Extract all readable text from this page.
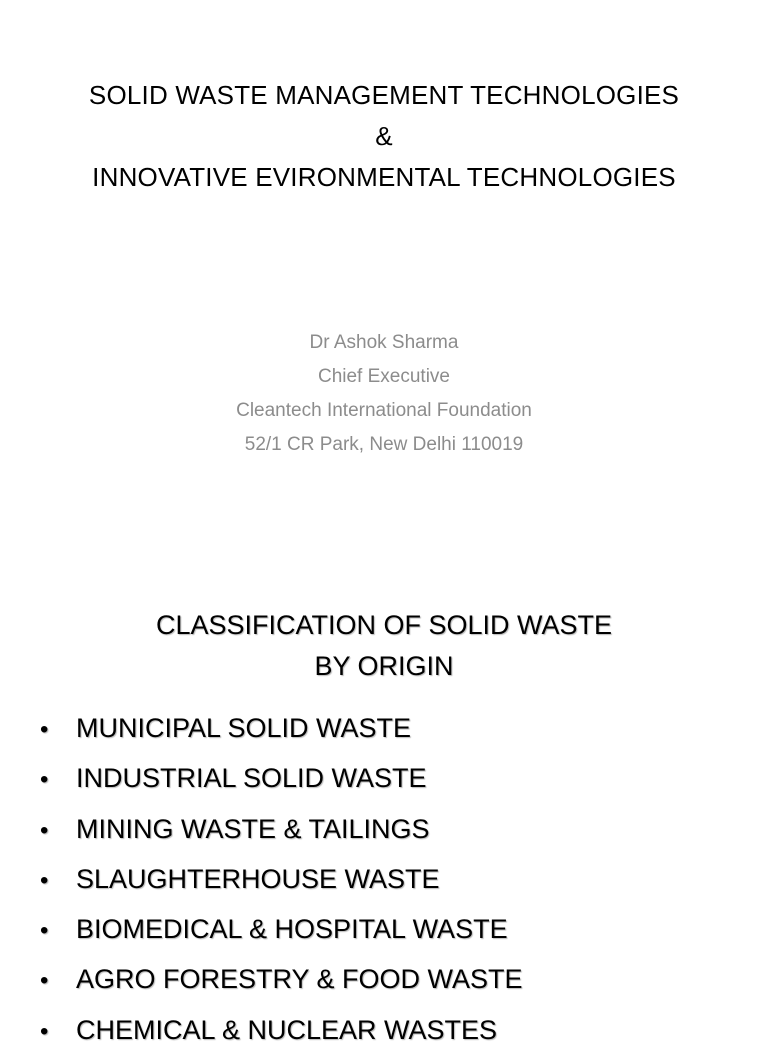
SOLID WASTE MANAGEMENT TECHNOLOGIES
&
INNOVATIVE EVIRONMENTAL TECHNOLOGIES
Dr Ashok Sharma
Chief Executive
Cleantech International Foundation
52/1 CR Park, New Delhi 110019
CLASSIFICATION OF SOLID WASTE
BY ORIGIN
•	MUNICIPAL SOLID WASTE
•	INDUSTRIAL SOLID WASTE
•	MINING WASTE & TAILINGS
•	SLAUGHTERHOUSE WASTE
•	BIOMEDICAL & HOSPITAL WASTE
•	AGRO FORESTRY & FOOD WASTE
•	CHEMICAL & NUCLEAR WASTES
